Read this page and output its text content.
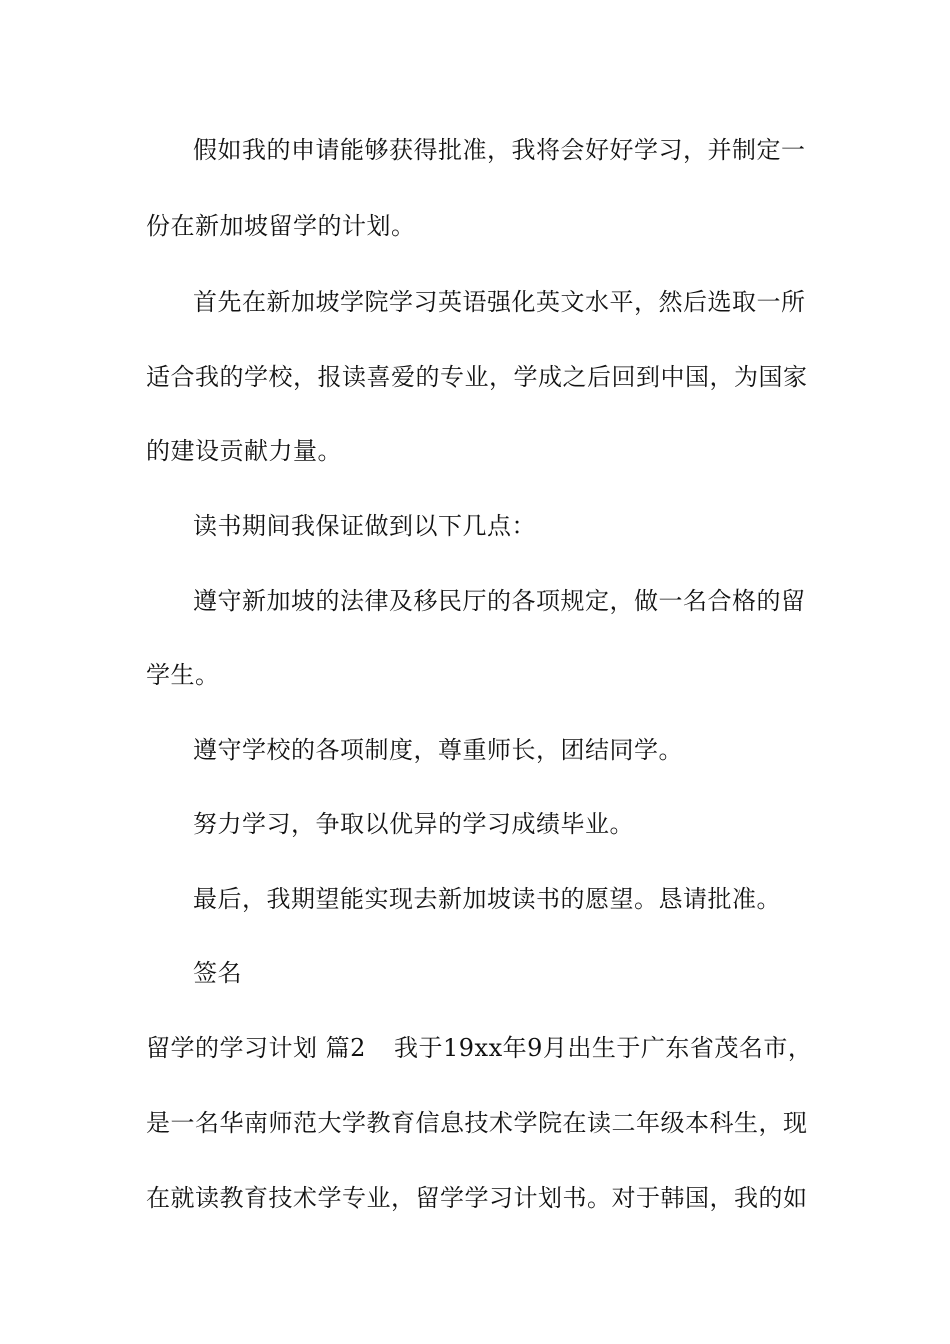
假如我的申请能够获得批准，我将会好好学习，并制定一
份在新加坡留学的计划。
首先在新加坡学院学习英语强化英文水平，然后选取一所
适合我的学校，报读喜爱的专业，学成之后回到中国，为国家
的建设贡献力量。
读书期间我保证做到以下几点：
遵守新加坡的法律及移民厅的各项规定，做一名合格的留
学生。
遵守学校的各项制度，尊重师长，团结同学。
努力学习，争取以优异的学习成绩毕业。
最后，我期望能实现去新加坡读书的愿望。恳请批准。
签名
留学的学习计划 篇2 我于19xx年9月出生于广东省茂名市，
是一名华南师范大学教育信息技术学院在读二年级本科生，现
在就读教育技术学专业，留学学习计划书。对于韩国，我的如
